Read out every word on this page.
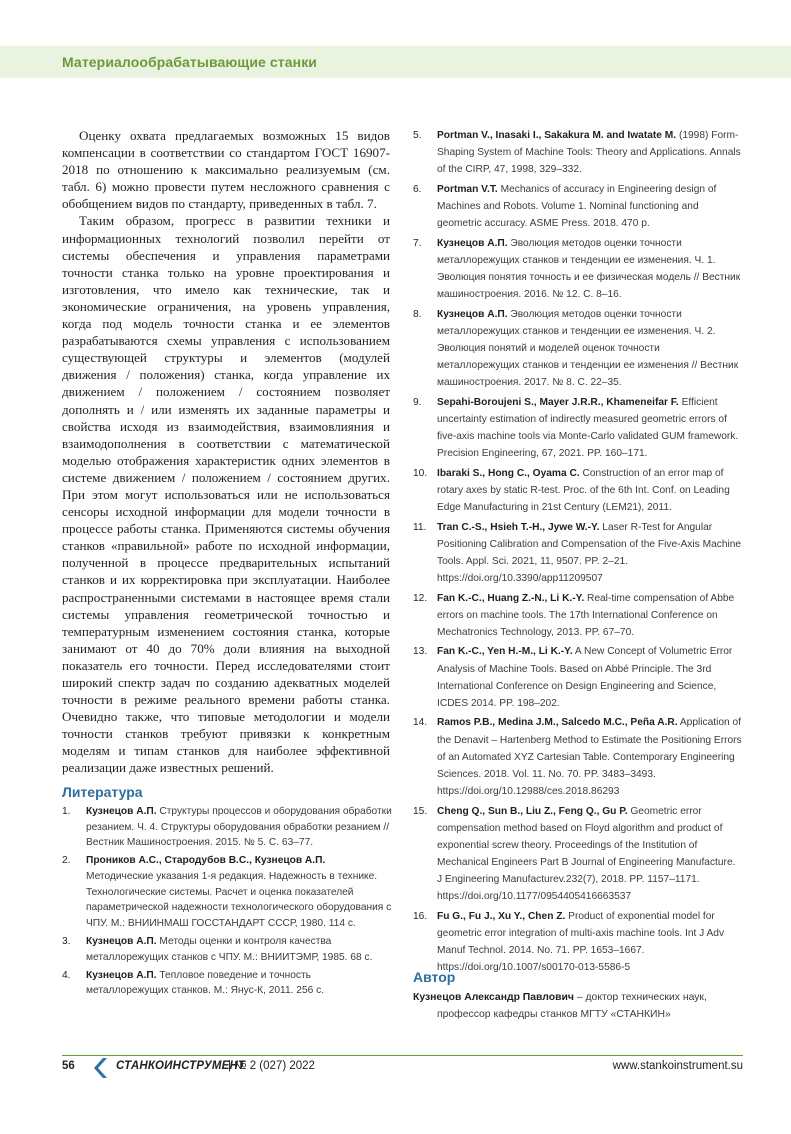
Материалообрабатывающие станки

Оценку охвата предлагаемых возможных 15 видов компенсации в соответствии со стандартом ГОСТ 16907-2018 по отношению к максимально реализуемым (см. табл. 6) можно провести путем несложного сравнения с обобщением видов по стандарту, приведенных в табл. 7.

Таким образом, прогресс в развитии техники и информационных технологий позволил перейти от системы обеспечения и управления параметрами точности станка только на уровне проектирования и изготовления, что имело как технические, так и экономические ограничения, на уровень управления, когда под модель точности станка и ее элементов разрабатываются схемы управления с использованием существующей структуры и элементов (модулей движения / положения) станка, когда управление их движением / положением / состоянием позволяет дополнять и / или изменять их заданные параметры и свойства исходя из взаимодействия, взаимовлияния и взаимодополнения в соответствии с математической моделью отображения характеристик одних элементов в системе движением / положением / состоянием других. При этом могут использоваться или не использоваться сенсоры исходной информации для модели точности в процессе работы станка. Применяются системы обучения станков «правильной» работе по исходной информации, полученной в процессе предварительных испытаний станков и их корректировка при эксплуатации. Наиболее распространенными системами в настоящее время стали системы управления геометрической точностью и температурным изменением состояния станка, которые занимают от 40 до 70% доли влияния на выходной показатель его точности. Перед исследователями стоит широкий спектр задач по созданию адекватных моделей точности в режиме реального времени работы станка. Очевидно также, что типовые методологии и модели точности станков требуют привязки к конкретным моделям и типам станков для наиболее эффективной реализации даже известных решений.

Литература
1.	Кузнецов А.П. Структуры процессов и оборудования обработки резанием. Ч. 4. Структуры оборудования обработки резанием // Вестник Машиностроения. 2015. № 5. С. 63–77.
2.	Проников А.С., Стародубов В.С., Кузнецов А.П. Методические указания 1-я редакция. Надежность в технике. Технологические системы. Расчет и оценка показателей параметрической надежности технологического оборудования с ЧПУ. М.: ВНИИНМАШ ГОССТАНДАРТ СССР, 1980. 114 с.
3.	Кузнецов А.П. Методы оценки и контроля качества металлорежущих станков с ЧПУ. М.: ВНИИТЭМР, 1985. 68 с.
4.	Кузнецов А.П. Тепловое поведение и точность металлорежущих станков. М.: Янус-К, 2011. 256 с.
5.	Portman V., Inasaki I., Sakakura M. and Iwatate M. (1998) Form-Shaping System of Machine Tools: Theory and Applications. Annals of the CIRP, 47, 1998, 329–332.
6.	Portman V.T. Mechanics of accuracy in Engineering design of Machines and Robots. Volume 1. Nominal functioning and geometric accuracy. ASME Press. 2018. 470 p.
7.	Кузнецов А.П. Эволюция методов оценки точности металлорежущих станков и тенденции ее изменения. Ч. 1. Эволюция понятия точность и ее физическая модель // Вестник машиностроения. 2016. № 12. С. 8–16.
8.	Кузнецов А.П. Эволюция методов оценки точности металлорежущих станков и тенденции ее изменения. Ч. 2. Эволюция понятий и моделей оценок точности металлорежущих станков и тенденции ее изменения // Вестник машиностроения. 2017. № 8. С. 22–35.
9.	Sepahi-Boroujeni S., Mayer J.R.R., Khameneifar F. Efficient uncertainty estimation of indirectly measured geometric errors of five-axis machine tools via Monte-Carlo validated GUM framework. Precision Engineering, 67, 2021. PP. 160–171.
10. Ibaraki S., Hong C., Oyama C. Construction of an error map of rotary axes by static R-test. Proc. of the 6th Int. Conf. on Leading Edge Manufacturing in 21st Century (LEM21), 2011.
11.	Tran C.-S., Hsieh T.-H., Jywe W.-Y. Laser R-Test for Angular Positioning Calibration and Compensation of the Five-Axis Machine Tools. Appl. Sci. 2021, 11, 9507. PP. 2–21. https://doi.org/10.3390/app11209507
12. Fan K.-C., Huang Z.-N., Li K.-Y. Real-time compensation of Abbe errors on machine tools. The 17th International Conference on Mechatronics Technology, 2013. PP. 67–70.
13. Fan K.-C., Yen H.-M., Li K.-Y. A New Concept of Volumetric Error Analysis of Machine Tools. Based on Abbé Principle. The 3rd International Conference on Design Engineering and Science, ICDES 2014. PP. 198–202.
14. Ramos P.B., Medina J.M., Salcedo M.C., Peña A.R. Application of the Denavit – Hartenberg Method to Estimate the Positioning Errors of an Automated XYZ Cartesian Table. Contemporary Engineering Sciences. 2018. Vol. 11. No. 70. PP. 3483–3493. https://doi.org/10.12988/ces.2018.86293
15. Cheng Q., Sun B., Liu Z., Feng Q., Gu P. Geometric error compensation method based on Floyd algorithm and product of exponential screw theory. Proceedings of the Institution of Mechanical Engineers Part B Journal of Engineering Manufacture. J Engineering Manufacturev.232(7), 2018. PP. 1157–1171. https://doi.org/10.1177/0954405416663537
16. Fu G., Fu J., Xu Y., Chen Z. Product of exponential model for geometric error integration of multi-axis machine tools. Int J Adv Manuf Technol. 2014. No. 71. PP. 1653–1667. https://doi.org/10.1007/s00170-013-5586-5
Автор
Кузнецов Александр Павлович – доктор технических наук,
профессор кафедры станков МГТУ «СТАНКИН»
56	СТАНКОИНСТРУМЕНТ
| № 2 (027) 2022	www.stankoinstrument.su
